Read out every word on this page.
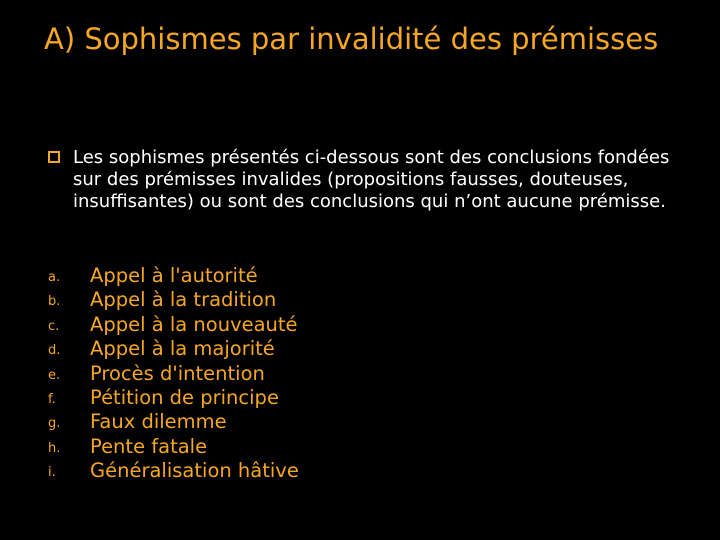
A) Sophismes par invalidité des prémisses
Les sophismes présentés ci-dessous sont des conclusions fondées sur des prémisses invalides (propositions fausses, douteuses, insuffisantes) ou sont des conclusions qui n’ont aucune prémisse.
a.	Appel à l'autorité
b.	Appel à la tradition
c.	Appel à la nouveauté
d.	Appel à la majorité
e.	Procès d'intention
f.	Pétition de principe
g.	Faux dilemme
h.	Pente fatale
i.	Généralisation hâtive
